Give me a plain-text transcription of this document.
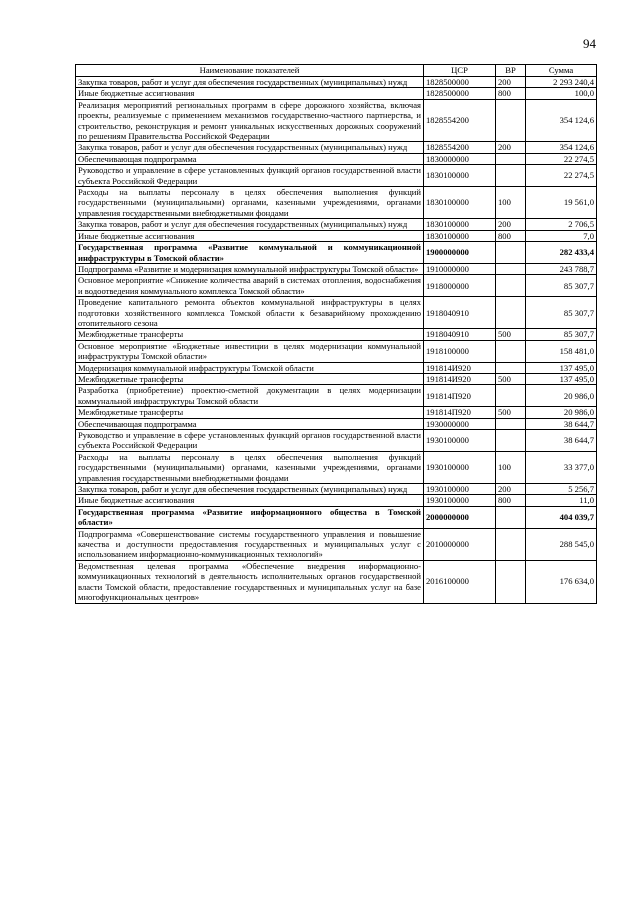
94
Наименование показателей	ЦСР	ВР	Сумма
Закупка товаров, работ и услуг для обеспечения государственных (муниципальных) нужд	1828500000	200	2 293 240,4
Иные бюджетные ассигнования	1828500000	800	100,0
Реализация мероприятий региональных программ в сфере дорожного хозяйства, включая проекты, реализуемые с применением механизмов государственно-частного партнерства, и строительство, реконструкция и ремонт уникальных искусственных дорожных сооружений по решениям Правительства Российской Федерации	1828554200		354 124,6
Закупка товаров, работ и услуг для обеспечения государственных (муниципальных) нужд	1828554200	200	354 124,6
Обеспечивающая подпрограмма	1830000000		22 274,5
Руководство и управление в сфере установленных функций органов государственной власти субъекта Российской Федерации	1830100000		22 274,5
Расходы на выплаты персоналу в целях обеспечения выполнения функций государственными (муниципальными) органами, казенными учреждениями, органами управления государственными внебюджетными фондами	1830100000	100	19 561,0
Закупка товаров, работ и услуг для обеспечения государственных (муниципальных) нужд	1830100000	200	2 706,5
Иные бюджетные ассигнования	1830100000	800	7,0
Государственная программа «Развитие коммунальной и коммуникационной инфраструктуры в Томской области»	1900000000		282 433,4
Подпрограмма «Развитие и модернизация коммунальной инфраструктуры Томской области»	1910000000		243 788,7
Основное мероприятие «Снижение количества аварий в системах отопления, водоснабжения и водоотведения коммунального комплекса Томской области»	1918000000		85 307,7
Проведение капитального ремонта объектов коммунальной инфраструктуры в целях подготовки хозяйственного комплекса Томской области к безаварийному прохождению отопительного сезона	1918040910		85 307,7
Межбюджетные трансферты	1918040910	500	85 307,7
Основное мероприятие «Бюджетные инвестиции в целях модернизации коммунальной инфраструктуры Томской области»	1918100000		158 481,0
Модернизация коммунальной инфраструктуры Томской области	191814И920		137 495,0
Межбюджетные трансферты	191814И920	500	137 495,0
Разработка (приобретение) проектно-сметной документации в целях модернизации коммунальной инфраструктуры Томской области	191814П920		20 986,0
Межбюджетные трансферты	191814П920	500	20 986,0
Обеспечивающая подпрограмма	1930000000		38 644,7
Руководство и управление в сфере установленных функций органов государственной власти субъекта Российской Федерации	1930100000		38 644,7
Расходы на выплаты персоналу в целях обеспечения выполнения функций государственными (муниципальными) органами, казенными учреждениями, органами управления государственными внебюджетными фондами	1930100000	100	33 377,0
Закупка товаров, работ и услуг для обеспечения государственных (муниципальных) нужд	1930100000	200	5 256,7
Иные бюджетные ассигнования	1930100000	800	11,0
Государственная программа «Развитие информационного общества в Томской области»	2000000000		404 039,7
Подпрограмма «Совершенствование системы государственного управления и повышение качества и доступности предоставления государственных и муниципальных услуг с использованием информационно-коммуникационных технологий»	2010000000		288 545,0
Ведомственная целевая программа «Обеспечение внедрения информационно-коммуникационных технологий в деятельность исполнительных органов государственной власти Томской области, предоставление государственных и муниципальных услуг на базе многофункциональных центров»	2016100000		176 634,0
